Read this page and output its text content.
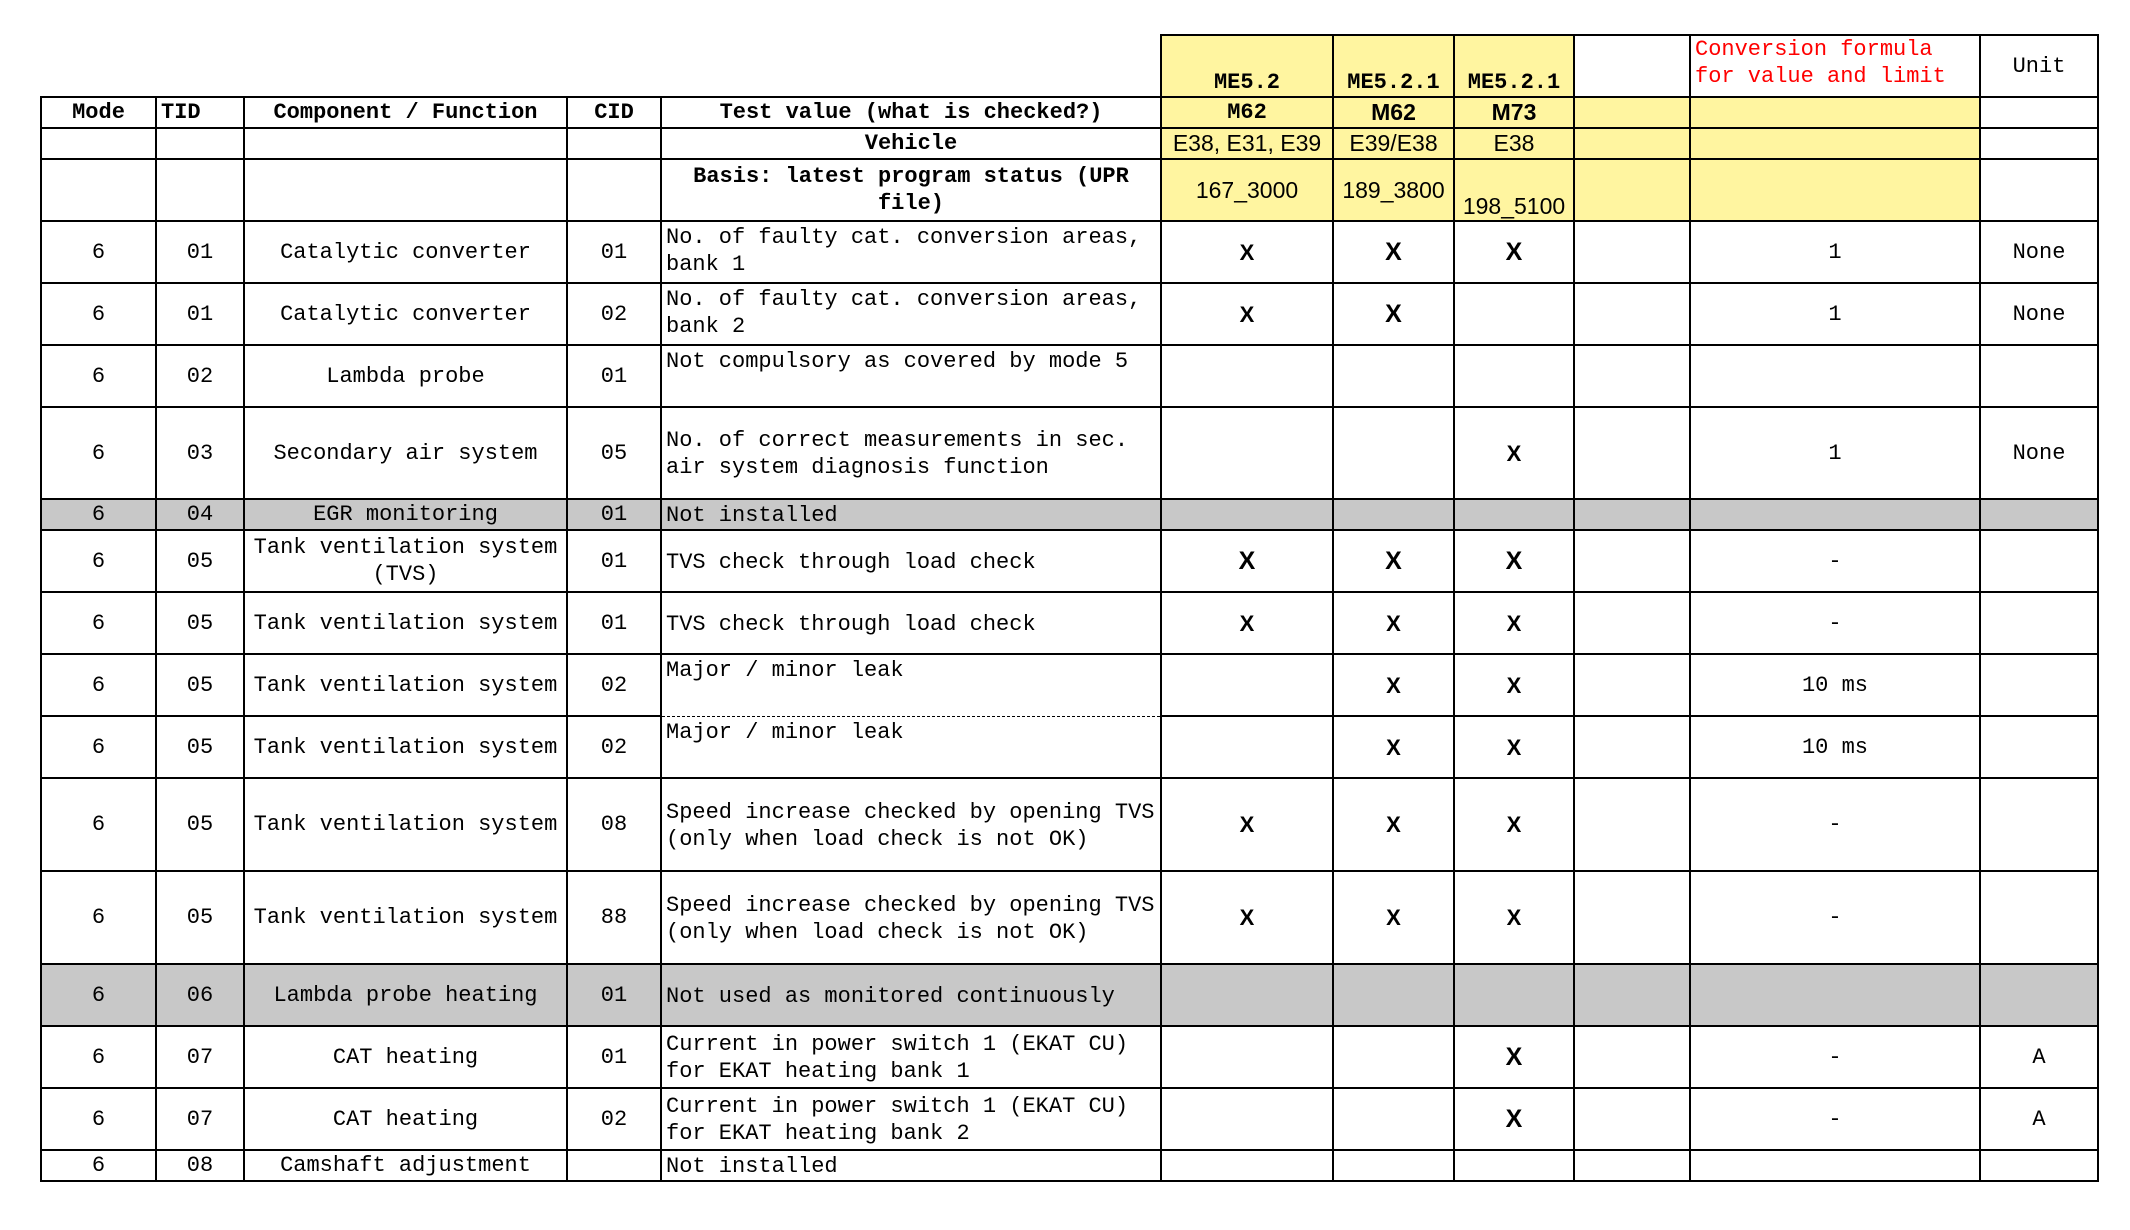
					ME5.2	ME5.2.1	ME5.2.1		Conversion formula for value and limit	Unit
Mode	TID	Component / Function	CID	Test value (what is checked?)	M62	M62	M73			
				Vehicle	E38, E31, E39	E39/E38	E38			
				Basis: latest program status (UPR file)	167_3000	189_3800	198_5100			
6	01	Catalytic converter	01	No. of faulty cat. conversion areas, bank 1	X	X	X		1	None
6	01	Catalytic converter	02	No. of faulty cat. conversion areas, bank 2	X	X			1	None
6	02	Lambda probe	01	Not compulsory as covered by mode 5						
6	03	Secondary air system	05	No. of correct measurements in sec. air system diagnosis function			X		1	None
6	04	EGR monitoring	01	Not installed						
6	05	Tank ventilation system (TVS)	01	TVS check through load check	X	X	X		-	
6	05	Tank ventilation system	01	TVS check through load check	X	X	X		-	
6	05	Tank ventilation system	02	Major / minor leak		X	X		10 ms	
6	05	Tank ventilation system	02	Major / minor leak		X	X		10 ms	
6	05	Tank ventilation system	08	Speed increase checked by opening TVS (only when load check is not OK)	X	X	X		-	
6	05	Tank ventilation system	88	Speed increase checked by opening TVS (only when load check is not OK)	X	X	X		-	
6	06	Lambda probe heating	01	Not used as monitored continuously						
6	07	CAT heating	01	Current in power switch 1 (EKAT CU) for EKAT heating bank 1			X		-	A
6	07	CAT heating	02	Current in power switch 1 (EKAT CU) for EKAT heating bank 2			X		-	A
6	08	Camshaft adjustment		Not installed						
